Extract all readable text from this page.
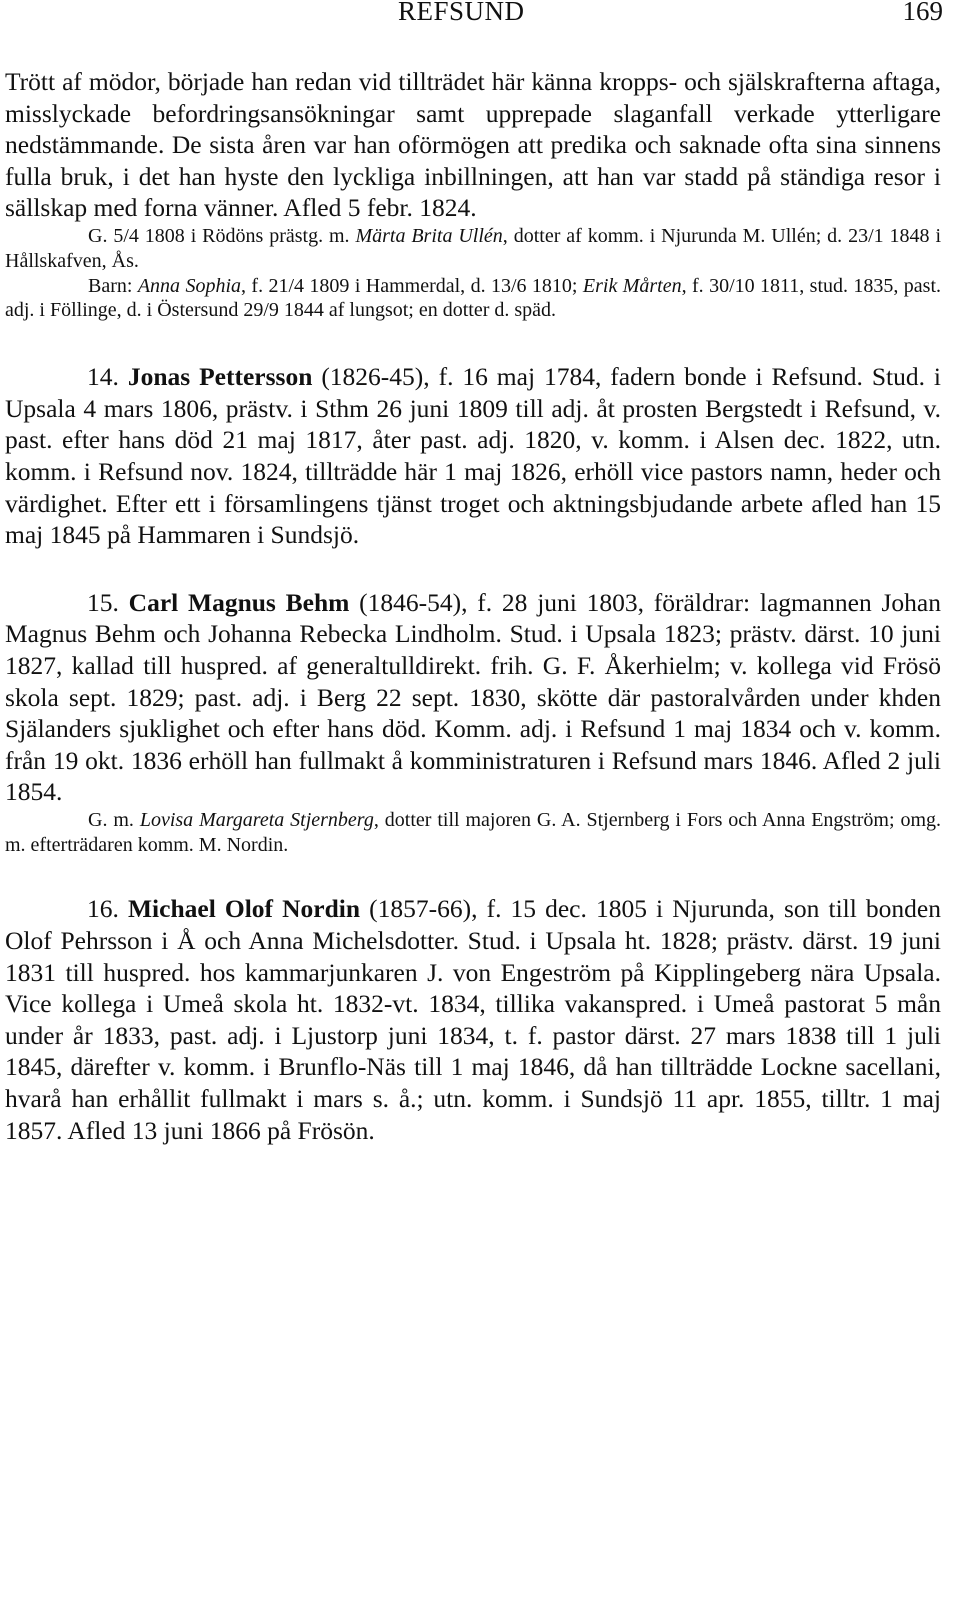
REFSUND	169

Trött af mödor, började han redan vid tillträdet här känna kropps- och själskrafterna aftaga, misslyckade befordringsansökningar samt upprepade slaganfall verkade ytterligare nedstämmande. De sista åren var han oförmögen att predika och saknade ofta sina sinnens fulla bruk, i det han hyste den lyckliga inbillningen, att han var stadd på ständiga resor i sällskap med forna vänner. Afled 5 febr. 1824.

G. 5/4 1808 i Rödöns prästg. m. Märta Brita Ullén, dotter af komm. i Njurunda M. Ullén; d. 23/1 1848 i Hållskafven, Ås.

Barn: Anna Sophia, f. 21/4 1809 i Hammerdal, d. 13/6 1810; Erik Mårten, f. 30/10 1811, stud. 1835, past. adj. i Föllinge, d. i Östersund 29/9 1844 af lungsot; en dotter d. späd.

14. Jonas Pettersson (1826-45), f. 16 maj 1784, fadern bonde i Refsund. Stud. i Upsala 4 mars 1806, prästv. i Sthm 26 juni 1809 till adj. åt prosten Bergstedt i Refsund, v. past. efter hans död 21 maj 1817, åter past. adj. 1820, v. komm. i Alsen dec. 1822, utn. komm. i Refsund nov. 1824, tillträdde här 1 maj 1826, erhöll vice pastors namn, heder och värdighet. Efter ett i församlingens tjänst troget och aktningsbjudande arbete afled han 15 maj 1845 på Hammaren i Sundsjö.

15. Carl Magnus Behm (1846-54), f. 28 juni 1803, föräldrar: lagmannen Johan Magnus Behm och Johanna Rebecka Lindholm. Stud. i Upsala 1823; prästv. därst. 10 juni 1827, kallad till huspred. af generaltulldirekt. frih. G. F. Åkerhielm; v. kollega vid Frösö skola sept. 1829; past. adj. i Berg 22 sept. 1830, skötte där pastoralvården under khden Själanders sjuklighet och efter hans död. Komm. adj. i Refsund 1 maj 1834 och v. komm. från 19 okt. 1836 erhöll han fullmakt å komministraturen i Refsund mars 1846. Afled 2 juli 1854.

G. m. Lovisa Margareta Stjernberg, dotter till majoren G. A. Stjernberg i Fors och Anna Engström; omg. m. efterträdaren komm. M. Nordin.

16. Michael Olof Nordin (1857-66), f. 15 dec. 1805 i Njurunda, son till bonden Olof Pehrsson i Å och Anna Michelsdotter. Stud. i Upsala ht. 1828; prästv. därst. 19 juni 1831 till huspred. hos kammarjunkaren J. von Engeström på Kipplingeberg nära Upsala. Vice kollega i Umeå skola ht. 1832-vt. 1834, tillika vakanspred. i Umeå pastorat 5 mån under år 1833, past. adj. i Ljustorp juni 1834, t. f. pastor därst. 27 mars 1838 till 1 juli 1845, därefter v. komm. i Brunflo-Näs till 1 maj 1846, då han tillträdde Lockne sacellani, hvarå han erhållit fullmakt i mars s. å.; utn. komm. i Sundsjö 11 apr. 1855, tilltr. 1 maj 1857. Afled 13 juni 1866 på Frösön.
